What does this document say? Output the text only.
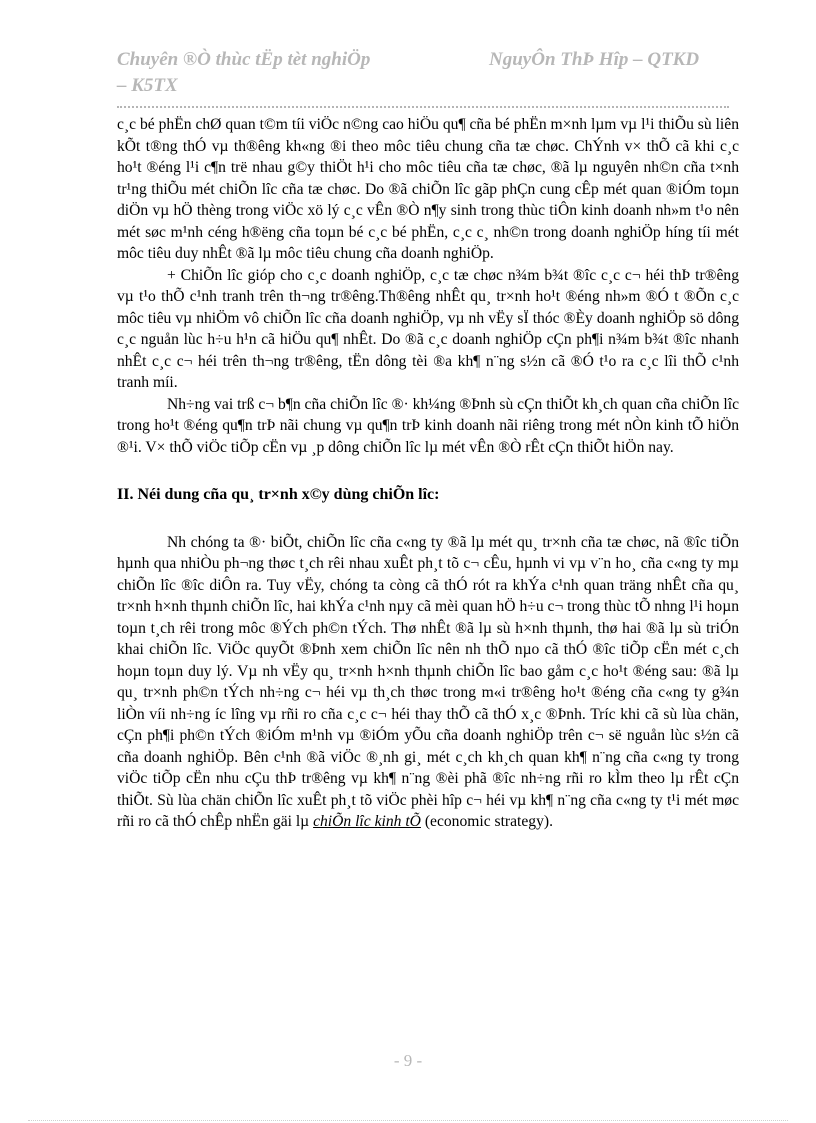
Chuyên ®Ò thùc tËp tèt nghiÖp	NguyÔn ThÞ Hîp – QTKD
– K5TX

c¸c bé phËn chØ quan t©m tíi viÖc n©ng cao hiÖu qu¶ cña bé phËn m×nh lµm vµ l¹i thiÕu sù liên kÕt t®ng thÓ vµ th®êng kh«ng ®i theo môc tiêu chung cña tæ chøc. ChÝnh v× thÕ cã khi c¸c ho¹t ®éng l¹i c¶n trë nhau g©y thiÖt h¹i cho môc tiêu cña tæ chøc, ®ã lµ nguyên nh©n cña t×nh tr¹ng thiÕu mét chiÕn lîc cña tæ chøc. Do ®ã chiÕn lîc gãp phÇn cung cÊp mét quan ®iÓm toµn diÖn vµ hÖ thèng trong viÖc xö lý c¸c vÊn ®Ò n¶y sinh trong thùc tiÔn kinh doanh nh»m t¹o nên mét søc m¹nh céng h®ëng cña toµn bé c¸c bé phËn, c¸c c¸ nh©n trong doanh nghiÖp híng tíi mét môc tiêu duy nhÊt ®ã lµ môc tiêu chung cña doanh nghiÖp.

+ ChiÕn lîc gióp cho c¸c doanh nghiÖp, c¸c tæ chøc n¾m b¾t ®îc c¸c c¬ héi thÞ tr®êng vµ t¹o thÕ c¹nh tranh trên th¬ng tr®êng.Th®êng nhÊt qu¸ tr×nh ho¹t ®éng nh»m ®Ó t ®Õn c¸c môc tiêu vµ nhiÖm vô chiÕn lîc cña doanh nghiÖp, vµ nh vËy sÏ thóc ®Èy doanh nghiÖp sö dông c¸c nguån lùc h÷u h¹n cã hiÖu qu¶ nhÊt. Do ®ã c¸c doanh nghiÖp cÇn ph¶i n¾m b¾t ®îc nhanh nhÊt c¸c c¬ héi trên th¬ng tr®êng, tËn dông tèi ®a kh¶ n¨ng s½n cã ®Ó t¹o ra c¸c lîi thÕ c¹nh tranh míi.

Nh÷ng vai trß c¬ b¶n cña chiÕn lîc ®· kh¼ng ®Þnh sù cÇn thiÕt kh¸ch quan cña chiÕn lîc trong ho¹t ®éng qu¶n trÞ nãi chung vµ qu¶n trÞ kinh doanh nãi riêng trong mét nÒn kinh tÕ hiÖn ®¹i. V× thÕ viÖc tiÕp cËn vµ ¸p dông chiÕn lîc lµ mét vÊn ®Ò rÊt cÇn thiÕt hiÖn nay.

II. Néi dung cña qu¸ tr×nh x©y dùng chiÕn lîc:

Nh chóng ta ®· biÕt, chiÕn lîc cña c«ng ty ®ã lµ mét qu¸ tr×nh cña tæ chøc, nã ®îc tiÕn hµnh qua nhiÒu ph¬ng thøc t¸ch rêi nhau xuÊt ph¸t tõ c¬ cÊu, hµnh vi vµ v¨n ho¸ cña c«ng ty mµ chiÕn lîc ®îc diÔn ra. Tuy vËy, chóng ta còng cã thÓ rót ra khÝa c¹nh quan träng nhÊt cña qu¸ tr×nh h×nh thµnh chiÕn lîc, hai khÝa c¹nh nµy cã mèi quan hÖ h÷u c¬ trong thùc tÕ nhng l¹i hoµn toµn t¸ch rêi trong môc ®Ých ph©n tÝch. Thø nhÊt ®ã lµ sù h×nh thµnh, thø hai ®ã lµ sù triÓn khai chiÕn lîc. ViÖc quyÕt ®Þnh xem chiÕn lîc nên nh thÕ nµo cã thÓ ®îc tiÕp cËn mét c¸ch hoµn toµn duy lý. Vµ nh vËy qu¸ tr×nh h×nh thµnh chiÕn lîc bao gåm c¸c ho¹t ®éng sau: ®ã lµ qu¸ tr×nh ph©n tÝch nh÷ng c¬ héi vµ th¸ch thøc trong m«i tr®êng ho¹t ®éng cña c«ng ty g¾n liÒn víi nh÷ng íc lîng vµ rñi ro cña c¸c c¬ héi thay thÕ cã thÓ x¸c ®Þnh. Tríc khi cã sù lùa chän, cÇn ph¶i ph©n tÝch ®iÓm m¹nh vµ ®iÓm yÕu cña doanh nghiÖp trên c¬ së nguån lùc s½n cã cña doanh nghiÖp. Bên c¹nh ®ã viÖc ®¸nh gi¸ mét c¸ch kh¸ch quan kh¶ n¨ng cña c«ng ty trong viÖc tiÕp cËn nhu cÇu thÞ tr®êng vµ kh¶ n¨ng ®èi phã ®îc nh÷ng rñi ro kÌm theo lµ rÊt cÇn thiÕt. Sù lùa chän chiÕn lîc xuÊt ph¸t tõ viÖc phèi hîp c¬ héi vµ kh¶ n¨ng cña c«ng ty t¹i mét møc rñi ro cã thÓ chÊp nhËn gäi lµ chiÕn lîc kinh tÕ (economic strategy).

- 9 -
